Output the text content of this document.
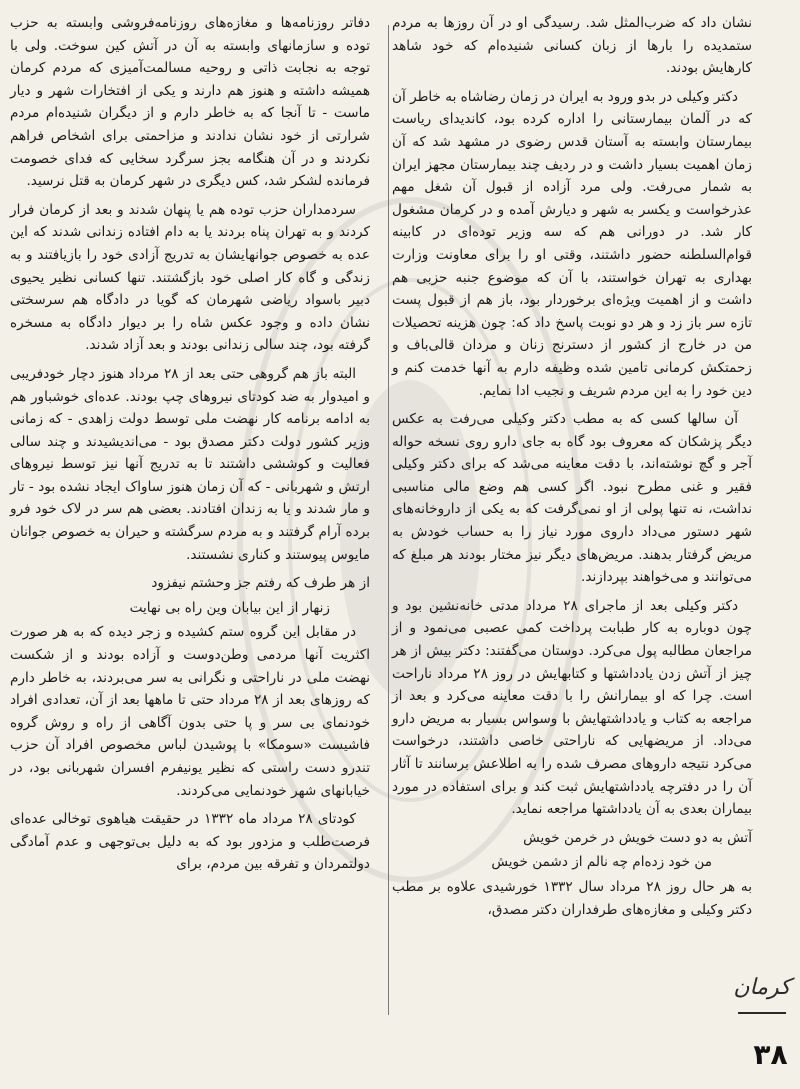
نشان داد که ضرب‌المثل شد. رسیدگی او در آن روزها به مردم ستمدیده را بارها از زبان کسانی شنیده‌ام که خود شاهد کارهایش بودند.

دکتر وکیلی در بدو ورود به ایران در زمان رضاشاه به خاطر آن که در آلمان بیمارستانی را اداره کرده بود، کاندیدای ریاست بیمارستان وابسته به آستان قدس رضوی در مشهد شد که آن زمان اهمیت بسیار داشت و در ردیف چند بیمارستان مجهز ایران به شمار می‌رفت. ولی مرد آزاده از قبول آن شغل مهم عذرخواست و یکسر به شهر و دیارش آمده و در کرمان مشغول کار شد. در دورانی هم که سه وزیر توده‌ای در کابینه قوام‌السلطنه حضور داشتند، وقتی او را برای معاونت وزارت بهداری به تهران خواستند، با آن که موضوع جنبه حزبی هم داشت و از اهمیت ویژه‌ای برخوردار بود، باز هم از قبول پست تازه سر باز زد و هر دو نوبت پاسخ داد که: چون هزینه تحصیلات من در خارج از کشور از دسترنج زنان و مردان قالی‌باف و زحمتکش کرمانی تامین شده وظیفه دارم به آنها خدمت کنم و دین خود را به این مردم شریف و نجیب ادا نمایم.

آن سالها کسی که به مطب دکتر وکیلی می‌رفت به عکس دیگر پزشکان که معروف بود گاه به جای دارو روی نسخه حواله آجر و گچ نوشته‌اند، با دقت معاینه می‌شد که برای دکتر وکیلی فقیر و غنی مطرح نبود. اگر کسی هم وضع مالی مناسبی نداشت، نه تنها پولی از او نمی‌گرفت که به یکی از داروخانه‌های شهر دستور می‌داد داروی مورد نیاز را به حساب خودش به مریض گرفتار بدهند. مریض‌های دیگر نیز مختار بودند هر مبلغ که می‌توانند و می‌خواهند بپردازند.

دکتر وکیلی بعد از ماجرای ۲۸ مرداد مدتی خانه‌نشین بود و چون دوباره به کار طبابت پرداخت کمی عصبی می‌نمود و از مراجعان مطالبه پول می‌کرد. دوستان می‌گفتند: دکتر بیش از هر چیز از آتش زدن یادداشتها و کتابهایش در روز ۲۸ مرداد ناراحت است. چرا که او بیمارانش را با دقت معاینه می‌کرد و بعد از مراجعه به کتاب و یادداشتهایش با وسواس بسیار به مریض دارو می‌داد. از مریضهایی که ناراحتی خاصی داشتند، درخواست می‌کرد نتیجه داروهای مصرف شده را به اطلاعش برسانند تا آثار آن را در دفترچه یادداشتهایش ثبت کند و برای استفاده در مورد بیماران بعدی به آن یادداشتها مراجعه نماید.

آتش به دو دست خویش در خرمن خویش

من خود زده‌ام چه نالم از دشمن خویش

به هر حال روز ۲۸ مرداد سال ۱۳۳۲ خورشیدی علاوه بر مطب دکتر وکیلی و مغازه‌های طرفداران دکتر مصدق،

دفاتر روزنامه‌ها و مغازه‌های روزنامه‌فروشی وابسته به حزب توده و سازمانهای وابسته به آن در آتش کین سوخت. ولی با توجه به نجابت ذاتی و روحیه مسالمت‌آمیزی که مردم کرمان همیشه داشته و هنوز هم دارند و یکی از افتخارات شهر و دیار ماست - تا آنجا که به خاطر دارم و از دیگران شنیده‌ام مردم شرارتی از خود نشان ندادند و مزاحمتی برای اشخاص فراهم نکردند و در آن هنگامه بجز سرگرد سخایی که فدای خصومت فرمانده لشکر شد، کس دیگری در شهر کرمان به قتل نرسید.

سردمداران حزب توده هم یا پنهان شدند و بعد از کرمان فرار کردند و به تهران پناه بردند یا به دام افتاده زندانی شدند که این عده به خصوص جوانهایشان به تدریج آزادی خود را بازیافتند و به زندگی و گاه کار اصلی خود بازگشتند. تنها کسانی نظیر یحیوی دبیر باسواد ریاضی شهرمان که گویا در دادگاه هم سرسختی نشان داده و وجود عکس شاه را بر دیوار دادگاه به مسخره گرفته بود، چند سالی زندانی بودند و بعد آزاد شدند.

البته باز هم گروهی حتی بعد از ۲۸ مرداد هنوز دچار خودفریبی و امیدوار به ضد کودتای نیروهای چپ بودند. عده‌ای خوشباور هم به ادامه برنامه کار نهضت ملی توسط دولت زاهدی - که زمانی وزیر کشور دولت دکتر مصدق بود - می‌اندیشیدند و چند سالی فعالیت و کوششی داشتند تا به تدریج آنها نیز توسط نیروهای ارتش و شهربانی - که آن زمان هنوز ساواک ایجاد نشده بود - تار و مار شدند و یا به زندان افتادند. بعضی هم سر در لاک خود فرو برده آرام گرفتند و به مردم سرگشته و حیران به خصوص جوانان مایوس پیوستند و کناری نشستند.

از هر طرف که رفتم جز وحشتم نیفزود

زنهار از این بیابان وین راه بی نهایت

در مقابل این گروه ستم کشیده و زجر دیده که به هر صورت اکثریت آنها مردمی وطن‌دوست و آزاده بودند و از شکست نهضت ملی در ناراحتی و نگرانی به سر می‌بردند، به خاطر دارم که روزهای بعد از ۲۸ مرداد حتی تا ماهها بعد از آن، تعدادی افراد خودنمای بی سر و پا حتی بدون آگاهی از راه و روش گروه فاشیست «سومکا» با پوشیدن لباس مخصوص افراد آن حزب تندرو دست راستی که نظیر یونیفرم افسران شهربانی بود، در خیابانهای شهر خودنمایی می‌کردند.

کودتای ۲۸ مرداد ماه ۱۳۳۲ در حقیقت هیاهوی توخالی عده‌ای فرصت‌طلب و مزدور بود که به دلیل بی‌توجهی و عدم آمادگی دولتمردان و تفرقه بین مردم، برای

کرمان
۳۸
